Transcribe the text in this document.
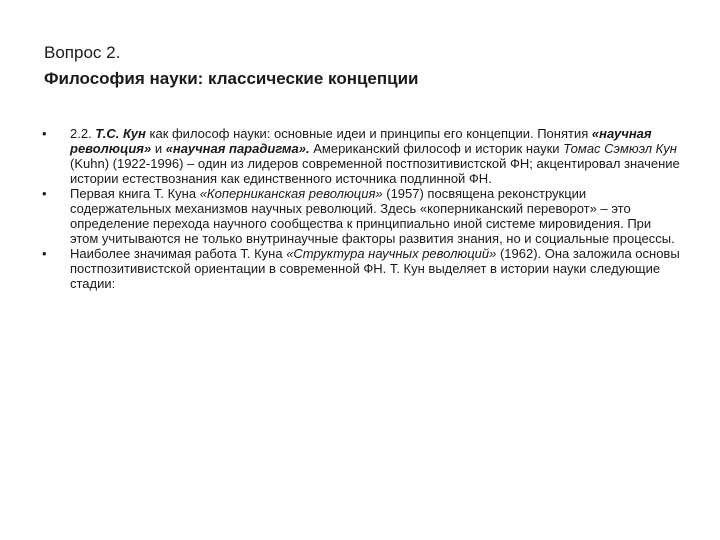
Вопрос 2.
Философия науки: классические концепции
•	2.2. Т.С. Кун как философ науки: основные идеи и принципы его концепции. Понятия «научная революция» и «научная парадигма». Американский философ и историк науки Томас Сэмюэл Кун (Kuhn) (1922-1996) – один из лидеров современной постпозитивистской ФН; акцентировал значение истории естествознания как единственного источника подлинной ФН.
•	Первая книга Т. Куна «Коперниканская революция» (1957) посвящена реконструкции содержательных механизмов научных революций. Здесь «коперниканский переворот» – это определение перехода научного сообщества к принципиально иной системе мировидения. При этом учитываются не только внутринаучные факторы развития знания, но и социальные процессы.
•	Наиболее значимая работа Т. Куна «Структура научных революций» (1962). Она заложила основы постпозитивистской ориентации в современной ФН. Т. Кун выделяет в истории науки следующие стадии:
